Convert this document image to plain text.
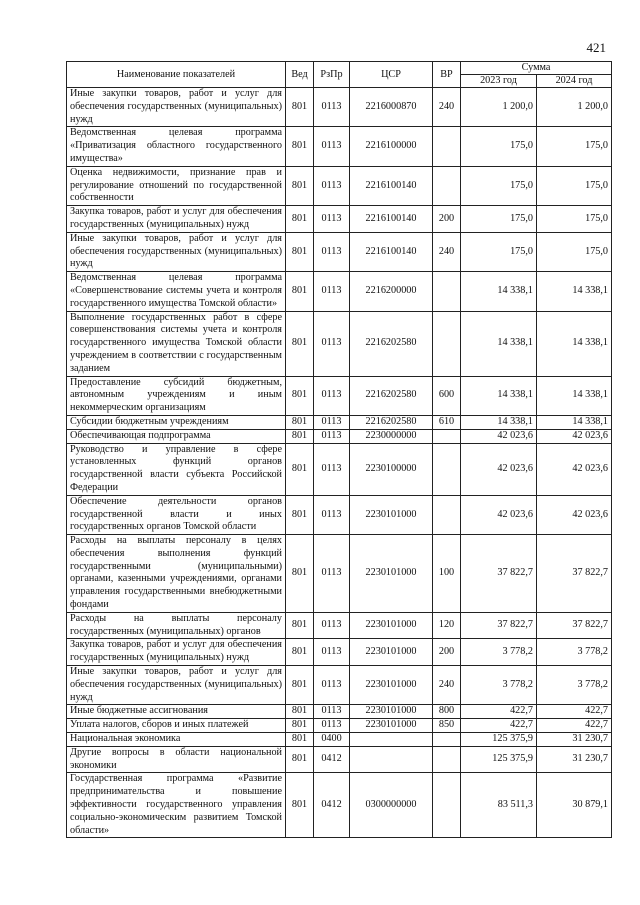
421
Наименование показателей	Вед	РзПр	ЦСР	ВР	Сумма	
					2023 год	2024 год
Иные закупки товаров, работ и услуг для обеспечения государственных (муниципальных) нужд	801	0113	2216000870	240	1 200,0	1 200,0
Ведомственная целевая программа «Приватизация областного государственного имущества»	801	0113	2216100000		175,0	175,0
Оценка недвижимости, признание прав и регулирование отношений по государственной собственности	801	0113	2216100140		175,0	175,0
Закупка товаров, работ и услуг для обеспечения государственных (муниципальных) нужд	801	0113	2216100140	200	175,0	175,0
Иные закупки товаров, работ и услуг для обеспечения государственных (муниципальных) нужд	801	0113	2216100140	240	175,0	175,0
Ведомственная целевая программа «Совершенствование системы учета и контроля государственного имущества Томской области»	801	0113	2216200000		14 338,1	14 338,1
Выполнение государственных работ в сфере совершенствования системы учета и контроля государственного имущества Томской области учреждением в соответствии с государственным заданием	801	0113	2216202580		14 338,1	14 338,1
Предоставление субсидий бюджетным, автономным учреждениям и иным некоммерческим организациям	801	0113	2216202580	600	14 338,1	14 338,1
Субсидии бюджетным учреждениям	801	0113	2216202580	610	14 338,1	14 338,1
Обеспечивающая подпрограмма	801	0113	2230000000		42 023,6	42 023,6
Руководство и управление в сфере установленных функций органов государственной власти субъекта Российской Федерации	801	0113	2230100000		42 023,6	42 023,6
Обеспечение деятельности органов государственной власти и иных государственных органов Томской области	801	0113	2230101000		42 023,6	42 023,6
Расходы на выплаты персоналу в целях обеспечения выполнения функций государственными (муниципальными) органами, казенными учреждениями, органами управления государственными внебюджетными фондами	801	0113	2230101000	100	37 822,7	37 822,7
Расходы на выплаты персоналу государственных (муниципальных) органов	801	0113	2230101000	120	37 822,7	37 822,7
Закупка товаров, работ и услуг для обеспечения государственных (муниципальных) нужд	801	0113	2230101000	200	3 778,2	3 778,2
Иные закупки товаров, работ и услуг для обеспечения государственных (муниципальных) нужд	801	0113	2230101000	240	3 778,2	3 778,2
Иные бюджетные ассигнования	801	0113	2230101000	800	422,7	422,7
Уплата налогов, сборов и иных платежей	801	0113	2230101000	850	422,7	422,7
Национальная экономика	801	0400			125 375,9	31 230,7
Другие вопросы в области национальной экономики	801	0412			125 375,9	31 230,7
Государственная программа «Развитие предпринимательства и повышение эффективности государственного управления социально-экономическим развитием Томской области»	801	0412	0300000000		83 511,3	30 879,1
